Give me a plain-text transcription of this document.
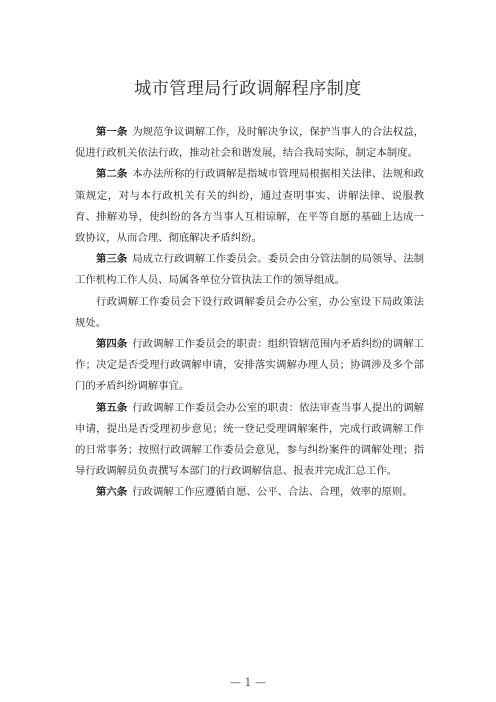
城市管理局行政调解程序制度

第一条 为规范争议调解工作，及时解决争议，保护当事人的合法权益，促进行政机关依法行政，推动社会和谐发展，结合我局实际，制定本制度。

第二条 本办法所称的行政调解是指城市管理局根据相关法律、法规和政策规定，对与本行政机关有关的纠纷，通过查明事实、讲解法律、说服教育、排解劝导，使纠纷的各方当事人互相谅解，在平等自愿的基础上达成一致协议，从而合理、彻底解决矛盾纠纷。

第三条 局成立行政调解工作委员会。委员会由分管法制的局领导、法制工作机构工作人员、局属各单位分管执法工作的领导组成。

行政调解工作委员会下设行政调解委员会办公室，办公室设下局政策法规处。

第四条 行政调解工作委员会的职责：组织管辖范围内矛盾纠纷的调解工作；决定是否受理行政调解申请，安排落实调解办理人员；协调涉及多个部门的矛盾纠纷调解事宜。

第五条 行政调解工作委员会办公室的职责：依法审查当事人提出的调解申请，提出是否受理初步意见；统一登记受理调解案件，完成行政调解工作的日常事务；按照行政调解工作委员会意见，参与纠纷案件的调解处理；指导行政调解员负责撰写本部门的行政调解信息、报表并完成汇总工作。

第六条 行政调解工作应遵循自愿、公平、合法、合理，效率的原则。

— 1 —
